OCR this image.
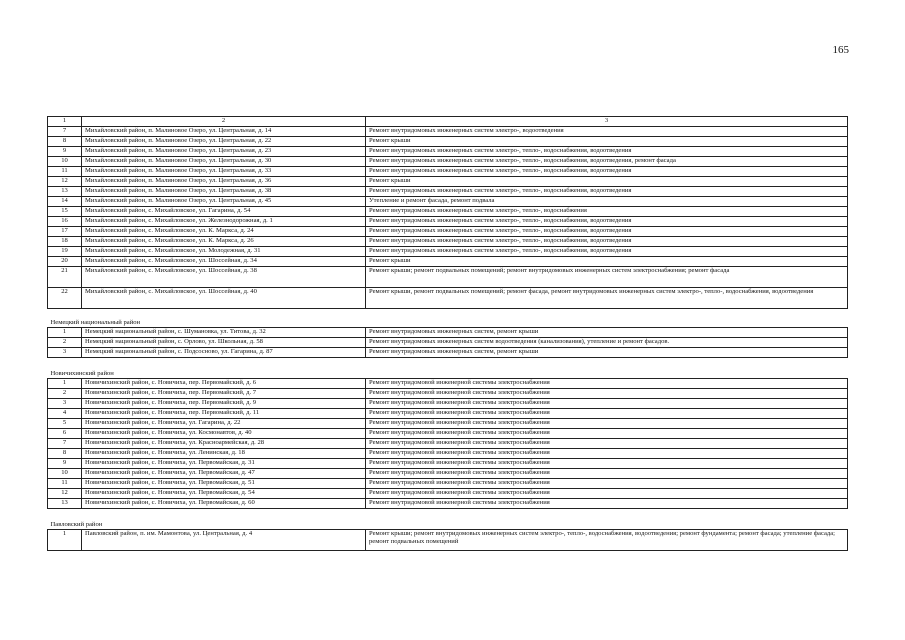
165
1	2	3
7	Михайловский район, п. Малиновое Озеро, ул. Центральная, д. 14	Ремонт внутридомовых инженерных систем электро-, водоотведения
8	Михайловский район, п. Малиновое Озеро, ул. Центральная, д. 22	Ремонт крыши
9	Михайловский район, п. Малиновое Озеро, ул. Центральная, д. 23	Ремонт внутридомовых инженерных систем электро-, тепло-, водоснабжения, водоотведения
10	Михайловский район, п. Малиновое Озеро, ул. Центральная, д. 30	Ремонт внутридомовых инженерных систем электро-, тепло-, водоснабжения, водоотведения, ремонт фасада
11	Михайловский район, п. Малиновое Озеро, ул. Центральная, д. 33	Ремонт внутридомовых инженерных систем электро-, тепло-, водоснабжения, водоотведения
12	Михайловский район, п. Малиновое Озеро, ул. Центральная, д. 36	Ремонт крыши
13	Михайловский район, п. Малиновое Озеро, ул. Центральная, д. 38	Ремонт внутридомовых инженерных систем электро-, тепло-, водоснабжения, водоотведения
14	Михайловский район, п. Малиновое Озеро, ул. Центральная, д. 45	Утепление и ремонт фасада, ремонт подвала
15	Михайловский район, с. Михайловское, ул. Гагарина, д. 54	Ремонт внутридомовых инженерных систем электро-, тепло-, водоснабжения
16	Михайловский район, с. Михайловское, ул. Железнодорожная, д. 1	Ремонт внутридомовых инженерных систем электро-, тепло-, водоснабжения, водоотведения
17	Михайловский район, с. Михайловское, ул. К. Маркса, д. 24	Ремонт внутридомовых инженерных систем электро-, тепло-, водоснабжения, водоотведения
18	Михайловский район, с. Михайловское, ул. К. Маркса, д. 26	Ремонт внутридомовых инженерных систем электро-, тепло-, водоснабжения, водоотведения
19	Михайловский район, с. Михайловское, ул. Молодежная, д. 31	Ремонт внутридомовых инженерных систем электро-, тепло-, водоснабжения, водоотведения
20	Михайловский район, с. Михайловское, ул. Шоссейная, д. 34	Ремонт крыши
21	Михайловский район, с. Михайловское, ул. Шоссейная, д. 38	Ремонт крыши; ремонт подвальных помещений; ремонт внутридомовых инженерных систем электроснабжения; ремонт фасада
22	Михайловский район, с. Михайловское, ул. Шоссейная, д. 40	Ремонт крыши, ремонт подвальных помещений; ремонт фасада, ремонт внутридомовых инженерных систем электро-, тепло-, водоснабжения, водоотведения

Немецкий национальный район		
1	Немецкий национальный район, с. Шумановка, ул. Титова, д. 32	Ремонт внутридомовых инженерных систем, ремонт крыши
2	Немецкий национальный район, с. Орлово, ул. Школьная, д. 58	Ремонт внутридомовых инженерных систем водоотведения (канализования), утепление и ремонт фасадов.
3	Немецкий национальный район, с. Подсосново, ул. Гагарина, д. 87	Ремонт внутридомовых инженерных систем, ремонт крыши

Новичихинский район		
1	Новичихинский район, с. Новичиха, пер. Первомайский, д. 6	Ремонт внутридомовой инженерной системы электроснабжения
2	Новичихинский район, с. Новичиха, пер. Первомайский, д. 7	Ремонт внутридомовой инженерной системы электроснабжения
3	Новичихинский район, с. Новичиха, пер. Первомайский, д. 9	Ремонт внутридомовой инженерной системы электроснабжения
4	Новичихинский район, с. Новичиха, пер. Первомайский, д. 11	Ремонт внутридомовой инженерной системы электроснабжения
5	Новичихинский район, с. Новичиха, ул. Гагарина, д. 22	Ремонт внутридомовой инженерной системы электроснабжения
6	Новичихинский район, с. Новичиха, ул. Космонавтов, д. 40	Ремонт внутридомовой инженерной системы электроснабжения
7	Новичихинский район, с. Новичиха, ул. Красноармейская, д. 28	Ремонт внутридомовой инженерной системы электроснабжения
8	Новичихинский район, с. Новичиха, ул. Ленинская, д. 18	Ремонт внутридомовой инженерной системы электроснабжения
9	Новичихинский район, с. Новичиха, ул. Первомайская, д. 31	Ремонт внутридомовой инженерной системы электроснабжения
10	Новичихинский район, с. Новичиха, ул. Первомайская, д. 47	Ремонт внутридомовой инженерной системы электроснабжения
11	Новичихинский район, с. Новичиха, ул. Первомайская, д. 51	Ремонт внутридомовой инженерной системы электроснабжения
12	Новичихинский район, с. Новичиха, ул. Первомайская, д. 54	Ремонт внутридомовой инженерной системы электроснабжения
13	Новичихинский район, с. Новичиха, ул. Первомайская, д. 60	Ремонт внутридомовой инженерной системы электроснабжения

Павловский район		
1	Павловский район, п. им. Мамонтова, ул. Центральная, д. 4	Ремонт крыши; ремонт внутридомовых инженерных систем электро-, тепло-, водоснабжения, водоотведения; ремонт фундамента; ремонт фасада; утепление фасада; ремонт подвальных помещений
